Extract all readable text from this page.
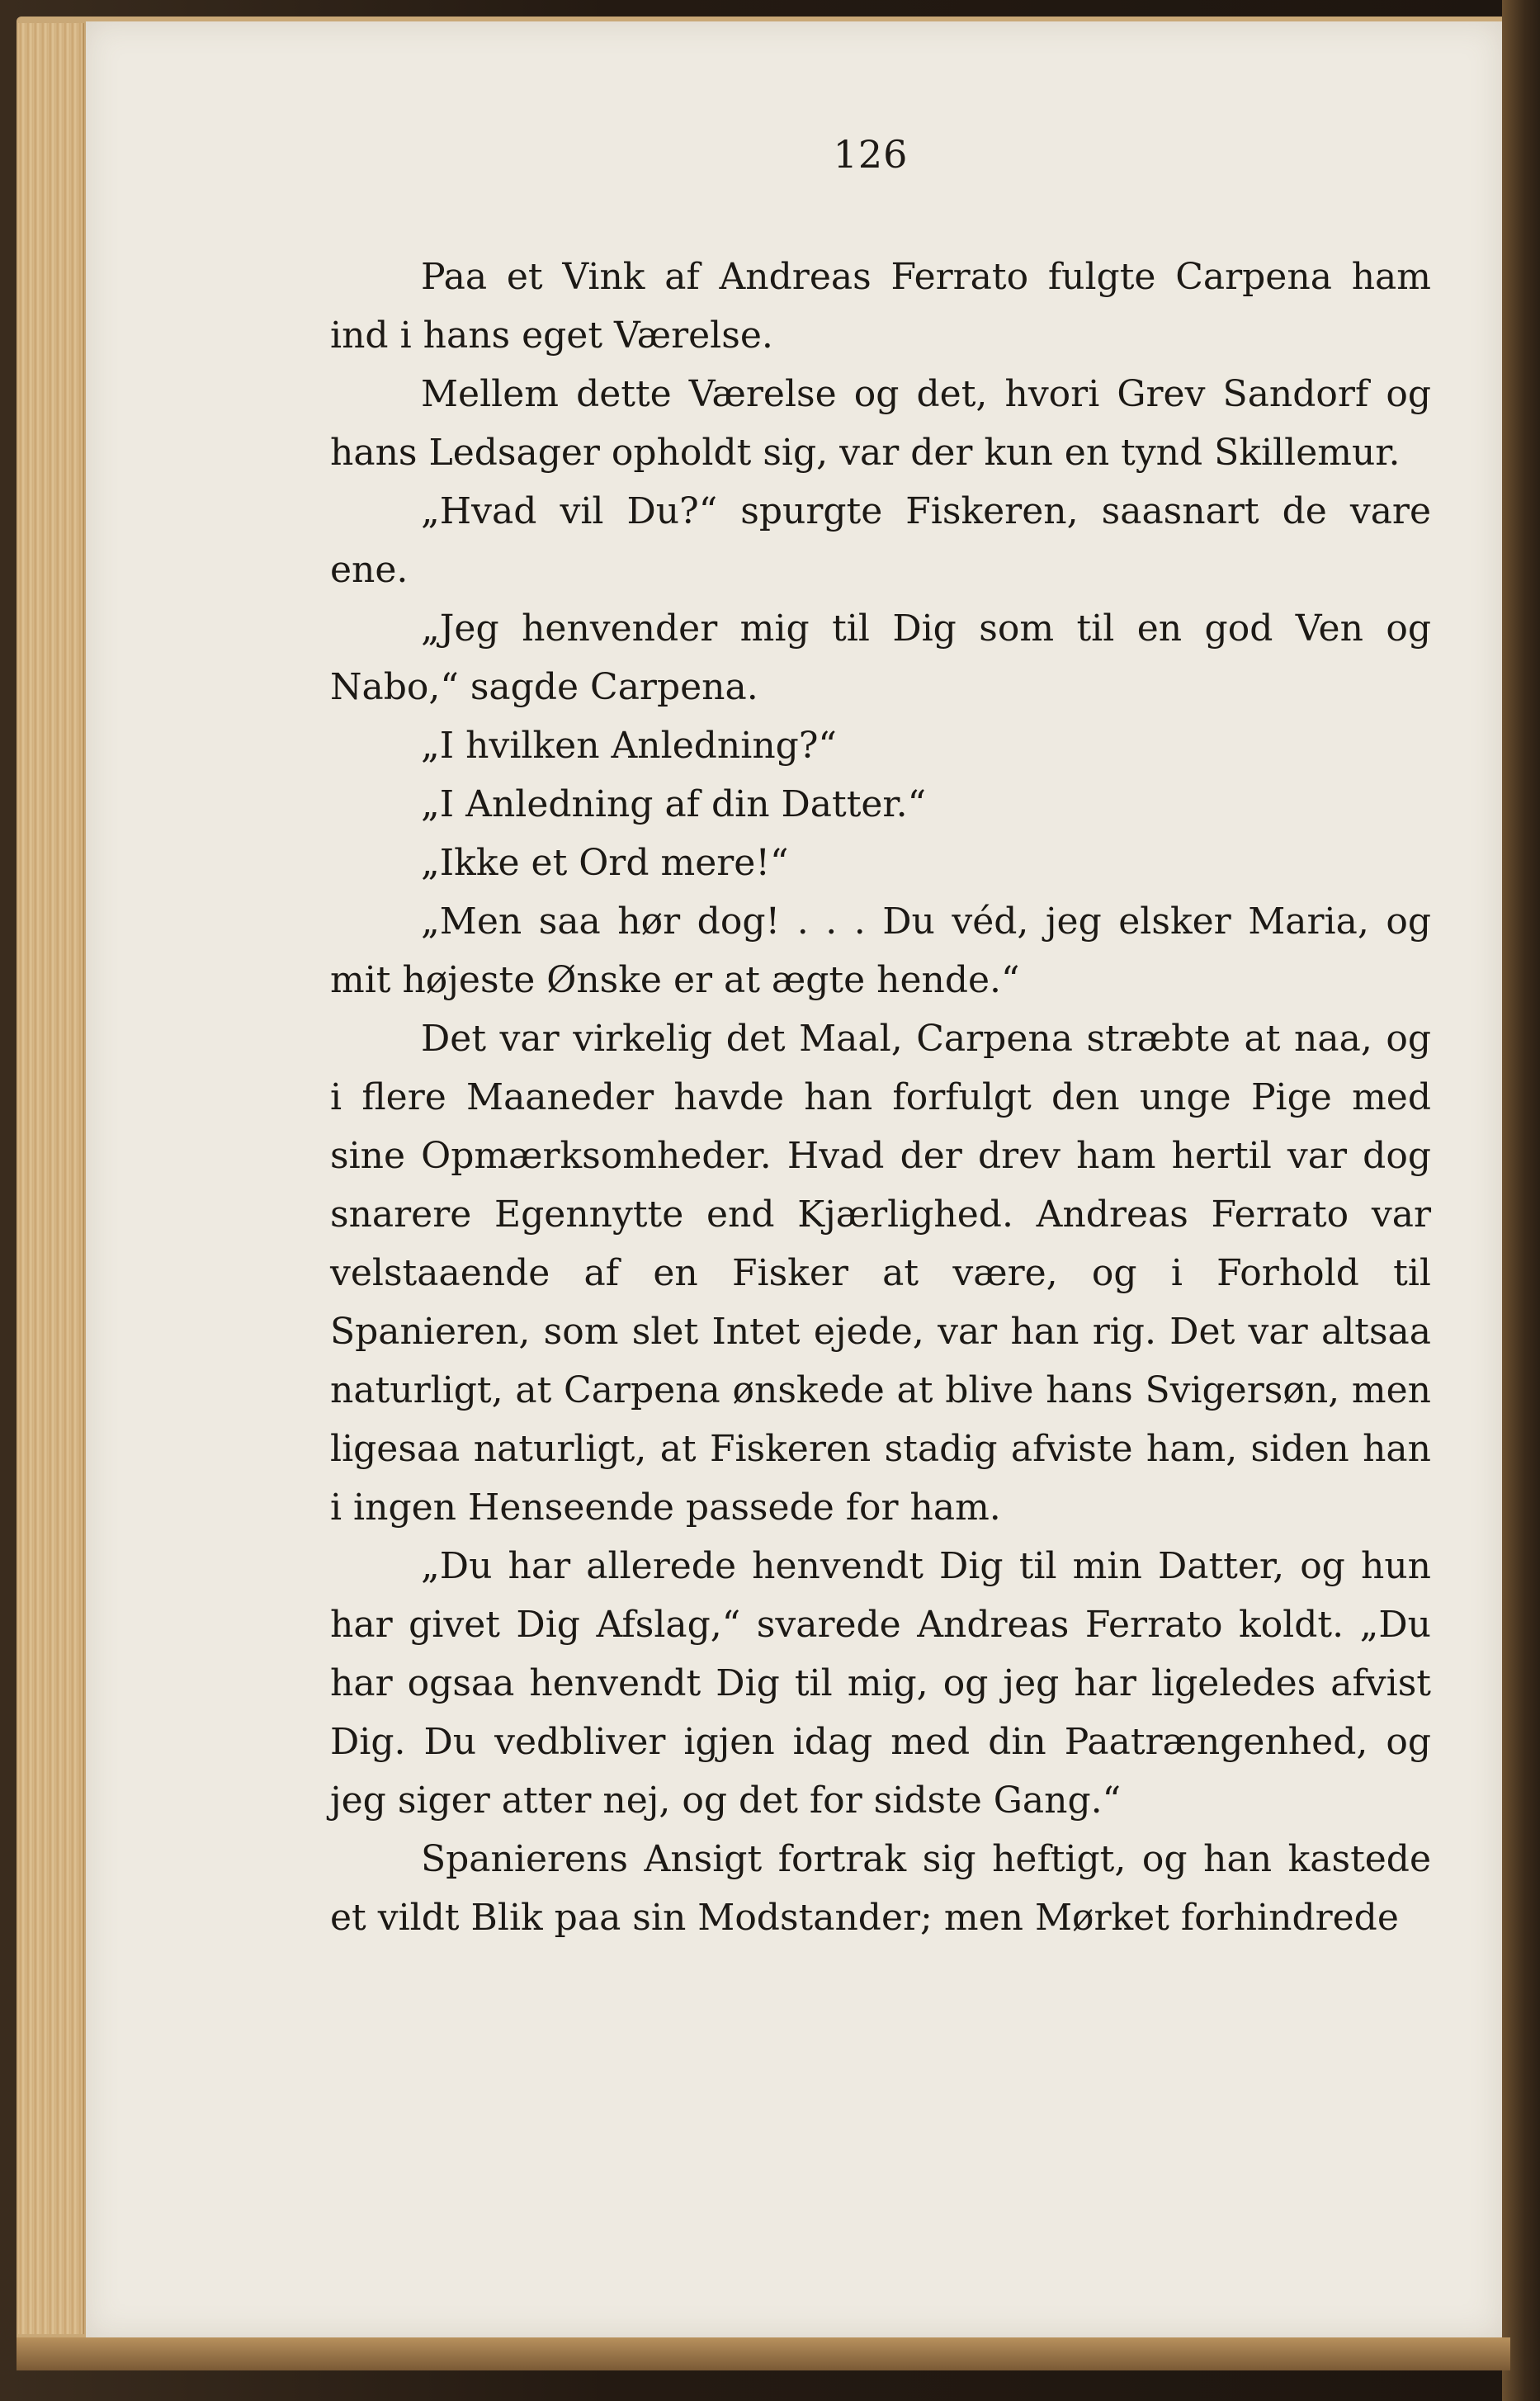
126

Paa et Vink af Andreas Ferrato fulgte Carpena ham ind i hans eget Værelse.

Mellem dette Værelse og det, hvori Grev Sandorf og hans Ledsager opholdt sig, var der kun en tynd Skillemur.

„Hvad vil Du?“ spurgte Fiskeren, saasnart de vare ene.

„Jeg henvender mig til Dig som til en god Ven og Nabo,“ sagde Carpena.

„I hvilken Anledning?“

„I Anledning af din Datter.“

„Ikke et Ord mere!“

„Men saa hør dog! . . . Du véd, jeg elsker Maria, og mit højeste Ønske er at ægte hende.“

Det var virkelig det Maal, Carpena stræbte at naa, og i flere Maaneder havde han forfulgt den unge Pige med sine Opmærksomheder. Hvad der drev ham hertil var dog snarere Egennytte end Kjærlighed. Andreas Ferrato var velstaaende af en Fisker at være, og i Forhold til Spanieren, som slet Intet ejede, var han rig. Det var altsaa naturligt, at Carpena ønskede at blive hans Svigersøn, men ligesaa naturligt, at Fiskeren stadig afviste ham, siden han i ingen Henseende passede for ham.

„Du har allerede henvendt Dig til min Datter, og hun har givet Dig Afslag,“ svarede Andreas Ferrato koldt. „Du har ogsaa henvendt Dig til mig, og jeg har ligeledes afvist Dig. Du vedbliver igjen idag med din Paatrængenhed, og jeg siger atter nej, og det for sidste Gang.“

Spanierens Ansigt fortrak sig heftigt, og han kastede et vildt Blik paa sin Modstander; men Mørket forhindrede
